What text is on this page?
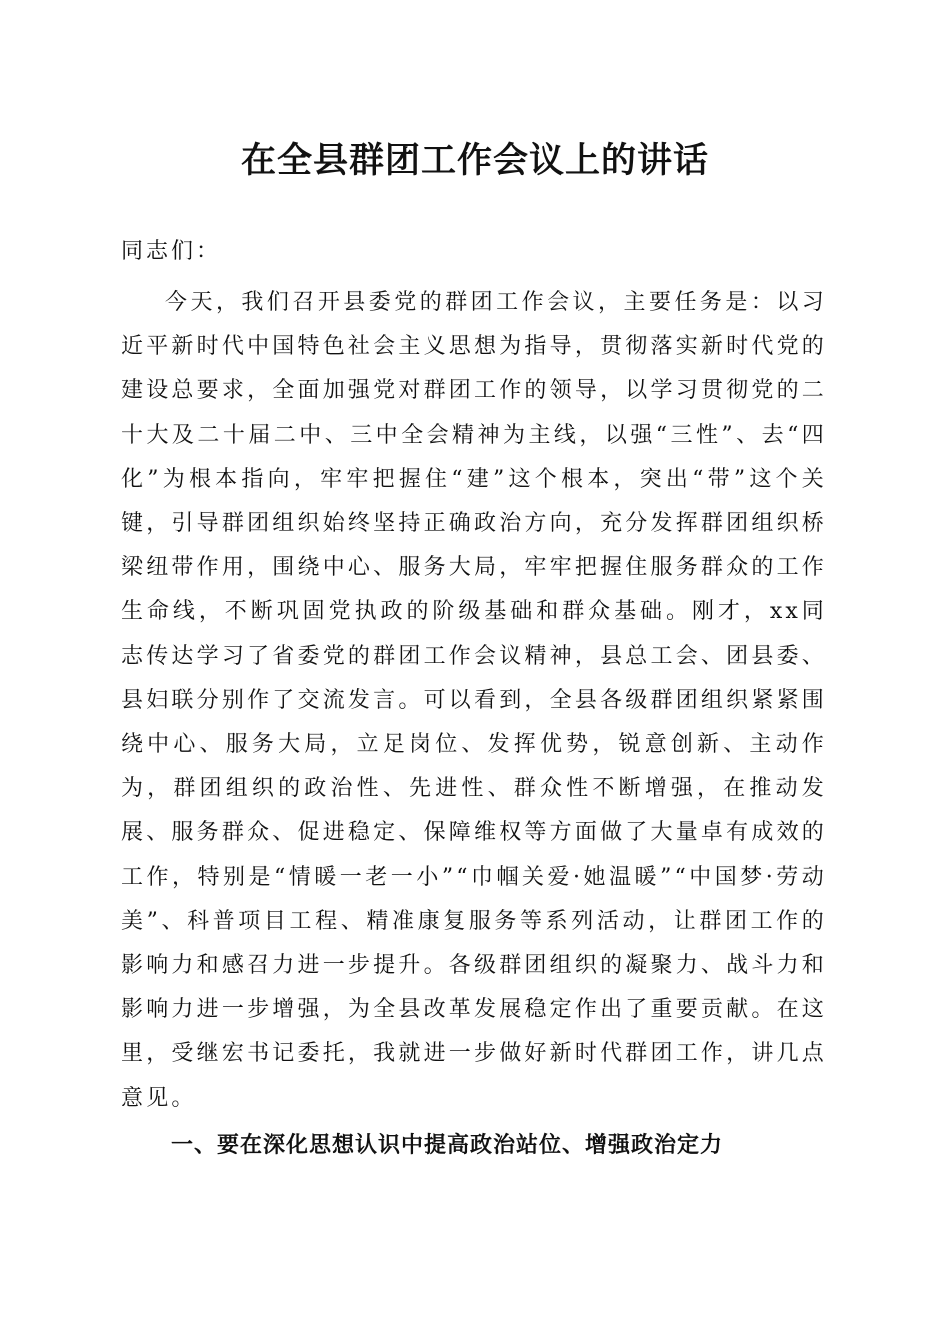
在全县群团工作会议上的讲话

同志们：

今天，我们召开县委党的群团工作会议，主要任务是：以习近平新时代中国特色社会主义思想为指导，贯彻落实新时代党的建设总要求，全面加强党对群团工作的领导，以学习贯彻党的二十大及二十届二中、三中全会精神为主线，以强“三性”、去“四化”为根本指向，牢牢把握住“建”这个根本，突出“带”这个关键，引导群团组织始终坚持正确政治方向，充分发挥群团组织桥梁纽带作用，围绕中心、服务大局，牢牢把握住服务群众的工作生命线，不断巩固党执政的阶级基础和群众基础。刚才，xx同志传达学习了省委党的群团工作会议精神，县总工会、团县委、县妇联分别作了交流发言。可以看到，全县各级群团组织紧紧围绕中心、服务大局，立足岗位、发挥优势，锐意创新、主动作为，群团组织的政治性、先进性、群众性不断增强，在推动发展、服务群众、促进稳定、保障维权等方面做了大量卓有成效的工作，特别是“情暖一老一小”“巾帼关爱·她温暖”“中国梦·劳动美”、科普项目工程、精准康复服务等系列活动，让群团工作的影响力和感召力进一步提升。各级群团组织的凝聚力、战斗力和影响力进一步增强，为全县改革发展稳定作出了重要贡献。在这里，受继宏书记委托，我就进一步做好新时代群团工作，讲几点意见。

一、要在深化思想认识中提高政治站位、增强政治定力
